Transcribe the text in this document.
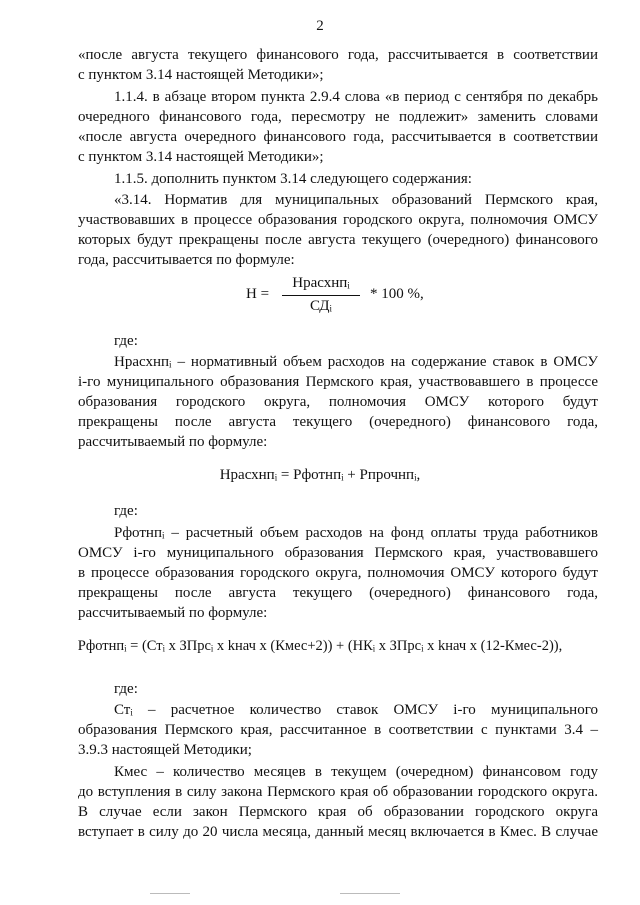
2
«после августа текущего финансового года, рассчитывается в соответствии
с пунктом 3.14 настоящей Методики»;
1.1.4. в абзаце втором пункта 2.9.4 слова «в период с сентября по декабрь
очередного финансового года, пересмотру не подлежит» заменить словами
«после августа очередного финансового года, рассчитывается в соответствии
с пунктом 3.14 настоящей Методики»;
1.1.5. дополнить пунктом 3.14 следующего содержания:
«3.14. Норматив для муниципальных образований Пермского края,
участвовавших в процессе образования городского округа, полномочия ОМСУ
которых будут прекращены после августа текущего (очередного) финансового
года, рассчитывается по формуле:
Н =
Нрасхнпᵢ
СДᵢ
* 100 %,
где:
Нрасхнпᵢ – нормативный объем расходов на содержание ставок в ОМСУ
i-го муниципального образования Пермского края, участвовавшего в процессе
образования городского округа, полномочия ОМСУ которого будут
прекращены после августа текущего (очередного) финансового года,
рассчитываемый по формуле:
Нрасхнпᵢ = Рфотнпᵢ + Рпрочнпᵢ,
где:
Рфотнпᵢ – расчетный объем расходов на фонд оплаты труда работников
ОМСУ i-го муниципального образования Пермского края, участвовавшего
в процессе образования городского округа, полномочия ОМСУ которого будут
прекращены после августа текущего (очередного) финансового года,
рассчитываемый по формуле:
Рфотнпᵢ = (Стᵢ х ЗПрсᵢ х kнач х (Кмес+2)) + (НКᵢ х ЗПрсᵢ х kнач х (12-Кмес-2)),
где:
Стᵢ – расчетное количество ставок ОМСУ i-го муниципального
образования Пермского края, рассчитанное в соответствии с пунктами 3.4 –
3.9.3 настоящей Методики;
Кмес – количество месяцев в текущем (очередном) финансовом году
до вступления в силу закона Пермского края об образовании городского округа.
В случае если закон Пермского края об образовании городского округа
вступает в силу до 20 числа месяца, данный месяц включается в Кмес. В случае
